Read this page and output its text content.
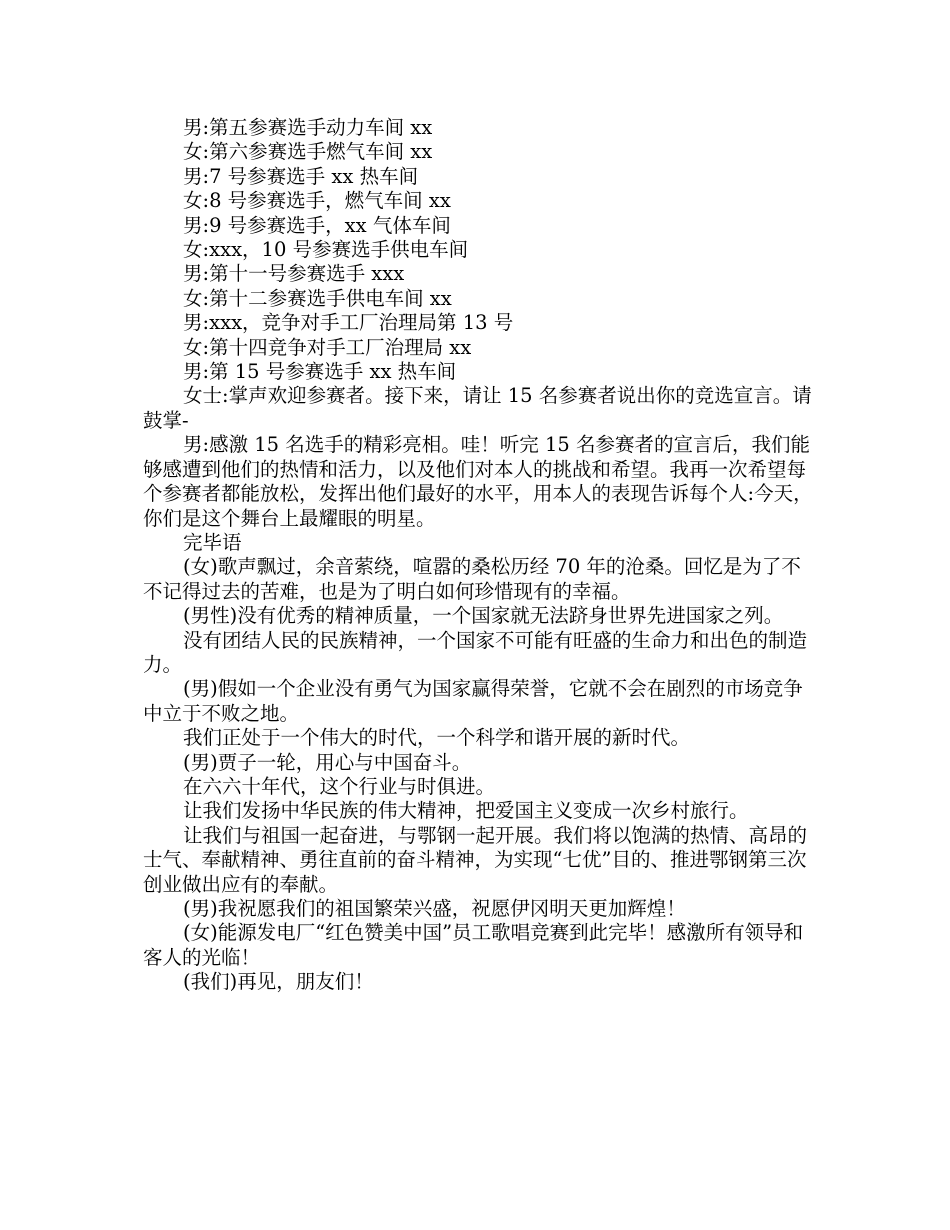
男:第五参赛选手动力车间 xx

女:第六参赛选手燃气车间 xx

男:7 号参赛选手 xx 热车间

女:8 号参赛选手，燃气车间 xx

男:9 号参赛选手，xx 气体车间

女:xxx，10 号参赛选手供电车间

男:第十一号参赛选手 xxx

女:第十二参赛选手供电车间 xx

男:xxx，竞争对手工厂治理局第 13 号

女:第十四竞争对手工厂治理局 xx

男:第 15 号参赛选手 xx 热车间

女士:掌声欢迎参赛者。接下来，请让 15 名参赛者说出你的竞选宣言。请鼓掌-

男:感激 15 名选手的精彩亮相。哇！听完 15 名参赛者的宣言后，我们能够感遭到他们的热情和活力，以及他们对本人的挑战和希望。我再一次希望每个参赛者都能放松，发挥出他们最好的水平，用本人的表现告诉每个人:今天，你们是这个舞台上最耀眼的明星。

完毕语

(女)歌声飘过，余音萦绕，喧嚣的桑松历经 70 年的沧桑。回忆是为了不不记得过去的苦难，也是为了明白如何珍惜现有的幸福。

(男性)没有优秀的精神质量，一个国家就无法跻身世界先进国家之列。

没有团结人民的民族精神，一个国家不可能有旺盛的生命力和出色的制造力。

(男)假如一个企业没有勇气为国家赢得荣誉，它就不会在剧烈的市场竞争中立于不败之地。

我们正处于一个伟大的时代，一个科学和谐开展的新时代。

(男)贾子一轮，用心与中国奋斗。

在六六十年代，这个行业与时俱进。

让我们发扬中华民族的伟大精神，把爱国主义变成一次乡村旅行。

让我们与祖国一起奋进，与鄂钢一起开展。我们将以饱满的热情、高昂的士气、奉献精神、勇往直前的奋斗精神，为实现“七优”目的、推进鄂钢第三次创业做出应有的奉献。

(男)我祝愿我们的祖国繁荣兴盛，祝愿伊冈明天更加辉煌！

(女)能源发电厂“红色赞美中国”员工歌唱竞赛到此完毕！感激所有领导和客人的光临！

(我们)再见，朋友们！
